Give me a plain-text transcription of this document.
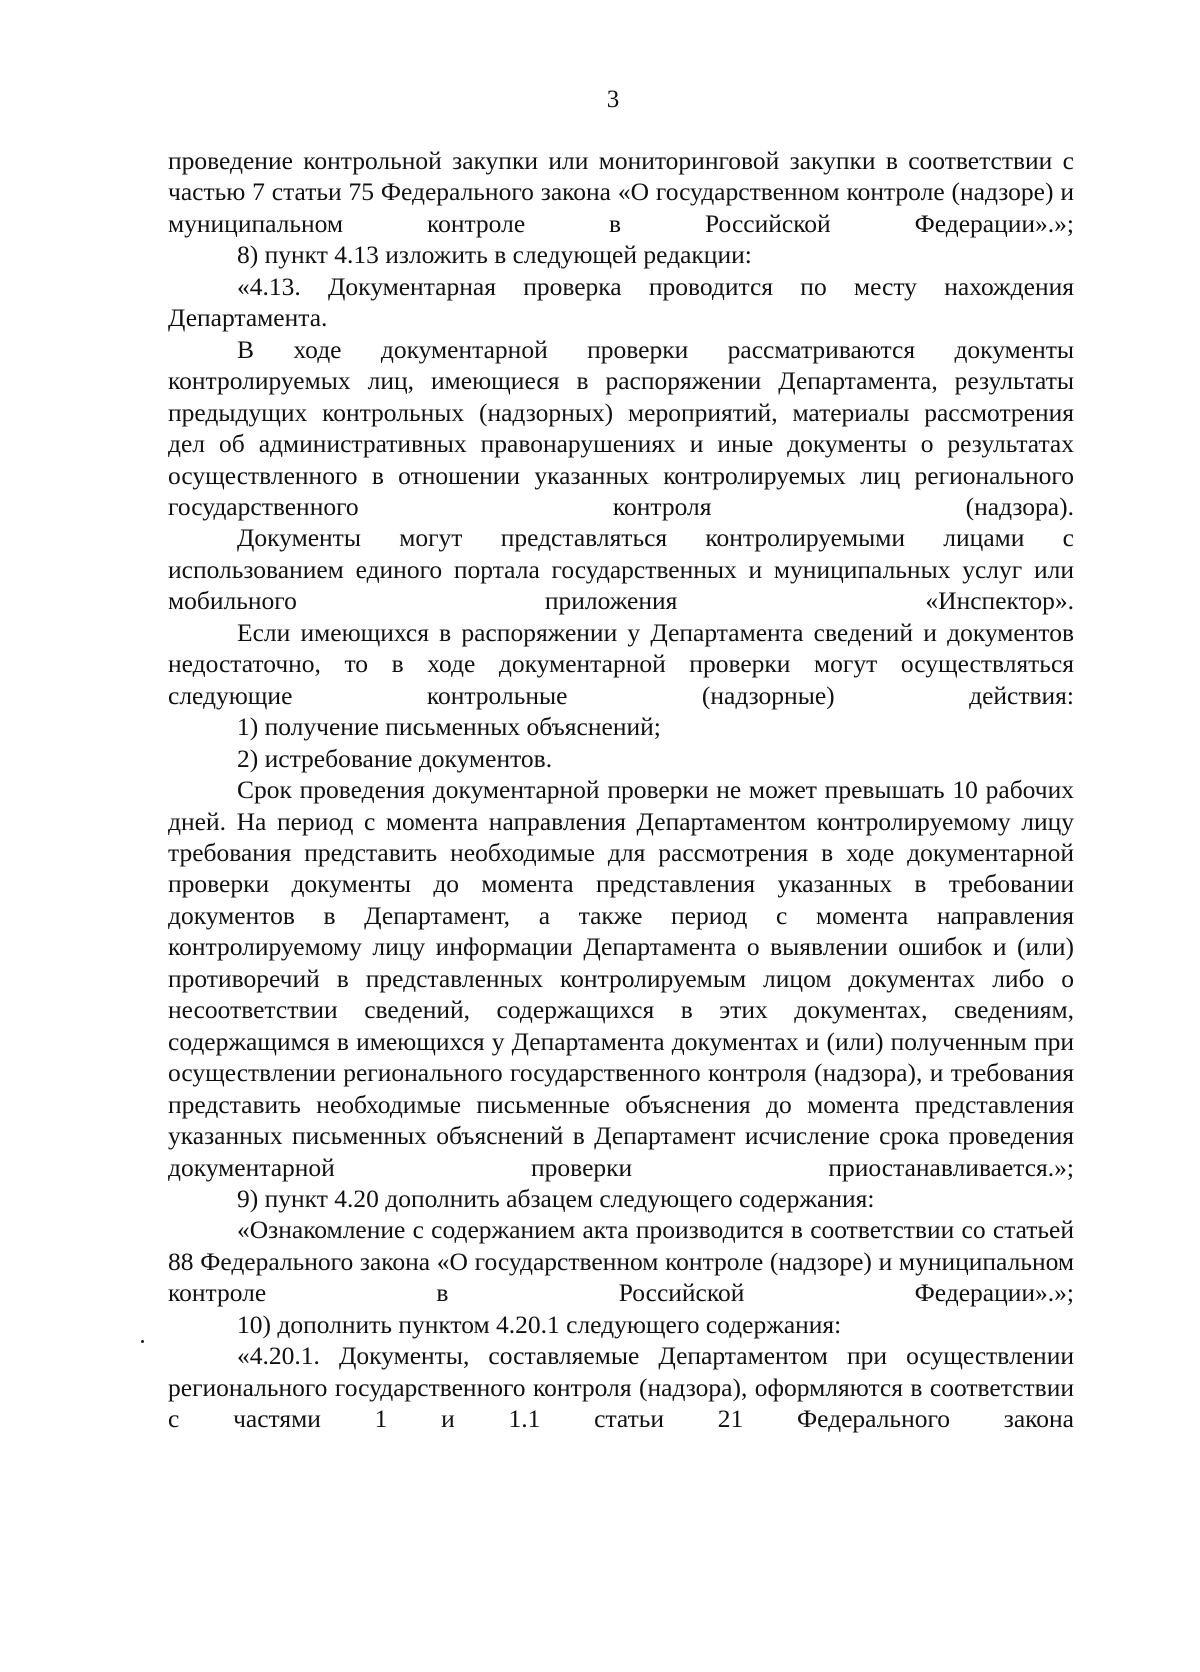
3

проведение контрольной закупки или мониторинговой закупки в соответствии с частью 7 статьи 75 Федерального закона «О государственном контроле (надзоре) и муниципальном контроле в Российской Федерации».»;

8) пункт 4.13 изложить в следующей редакции:

«4.13. Документарная проверка проводится по месту нахождения Департамента.

В ходе документарной проверки рассматриваются документы контролируемых лиц, имеющиеся в распоряжении Департамента, результаты предыдущих контрольных (надзорных) мероприятий, материалы рассмотрения дел об административных правонарушениях и иные документы о результатах осуществленного в отношении указанных контролируемых лиц регионального государственного контроля (надзора).

Документы могут представляться контролируемыми лицами с использованием единого портала государственных и муниципальных услуг или мобильного приложения «Инспектор».

Если имеющихся в распоряжении у Департамента сведений и документов недостаточно, то в ходе документарной проверки могут осуществляться следующие контрольные (надзорные) действия:

1) получение письменных объяснений;

2) истребование документов.

Срок проведения документарной проверки не может превышать 10 рабочих дней. На период с момента направления Департаментом контролируемому лицу требования представить необходимые для рассмотрения в ходе документарной проверки документы до момента представления указанных в требовании документов в Департамент, а также период с момента направления контролируемому лицу информации Департамента о выявлении ошибок и (или) противоречий в представленных контролируемым лицом документах либо о несоответствии сведений, содержащихся в этих документах, сведениям, содержащимся в имеющихся у Департамента документах и (или) полученным при осуществлении регионального государственного контроля (надзора), и требования представить необходимые письменные объяснения до момента представления указанных письменных объяснений в Департамент исчисление срока проведения документарной проверки приостанавливается.»;

9) пункт 4.20 дополнить абзацем следующего содержания:

«Ознакомление с содержанием акта производится в соответствии со статьей 88 Федерального закона «О государственном контроле (надзоре) и муниципальном контроле в Российской Федерации».»;

10) дополнить пунктом 4.20.1 следующего содержания:

«4.20.1. Документы, составляемые Департаментом при осуществлении регионального государственного контроля (надзора), оформляются в соответствии с частями 1 и 1.1 статьи 21 Федерального закона
